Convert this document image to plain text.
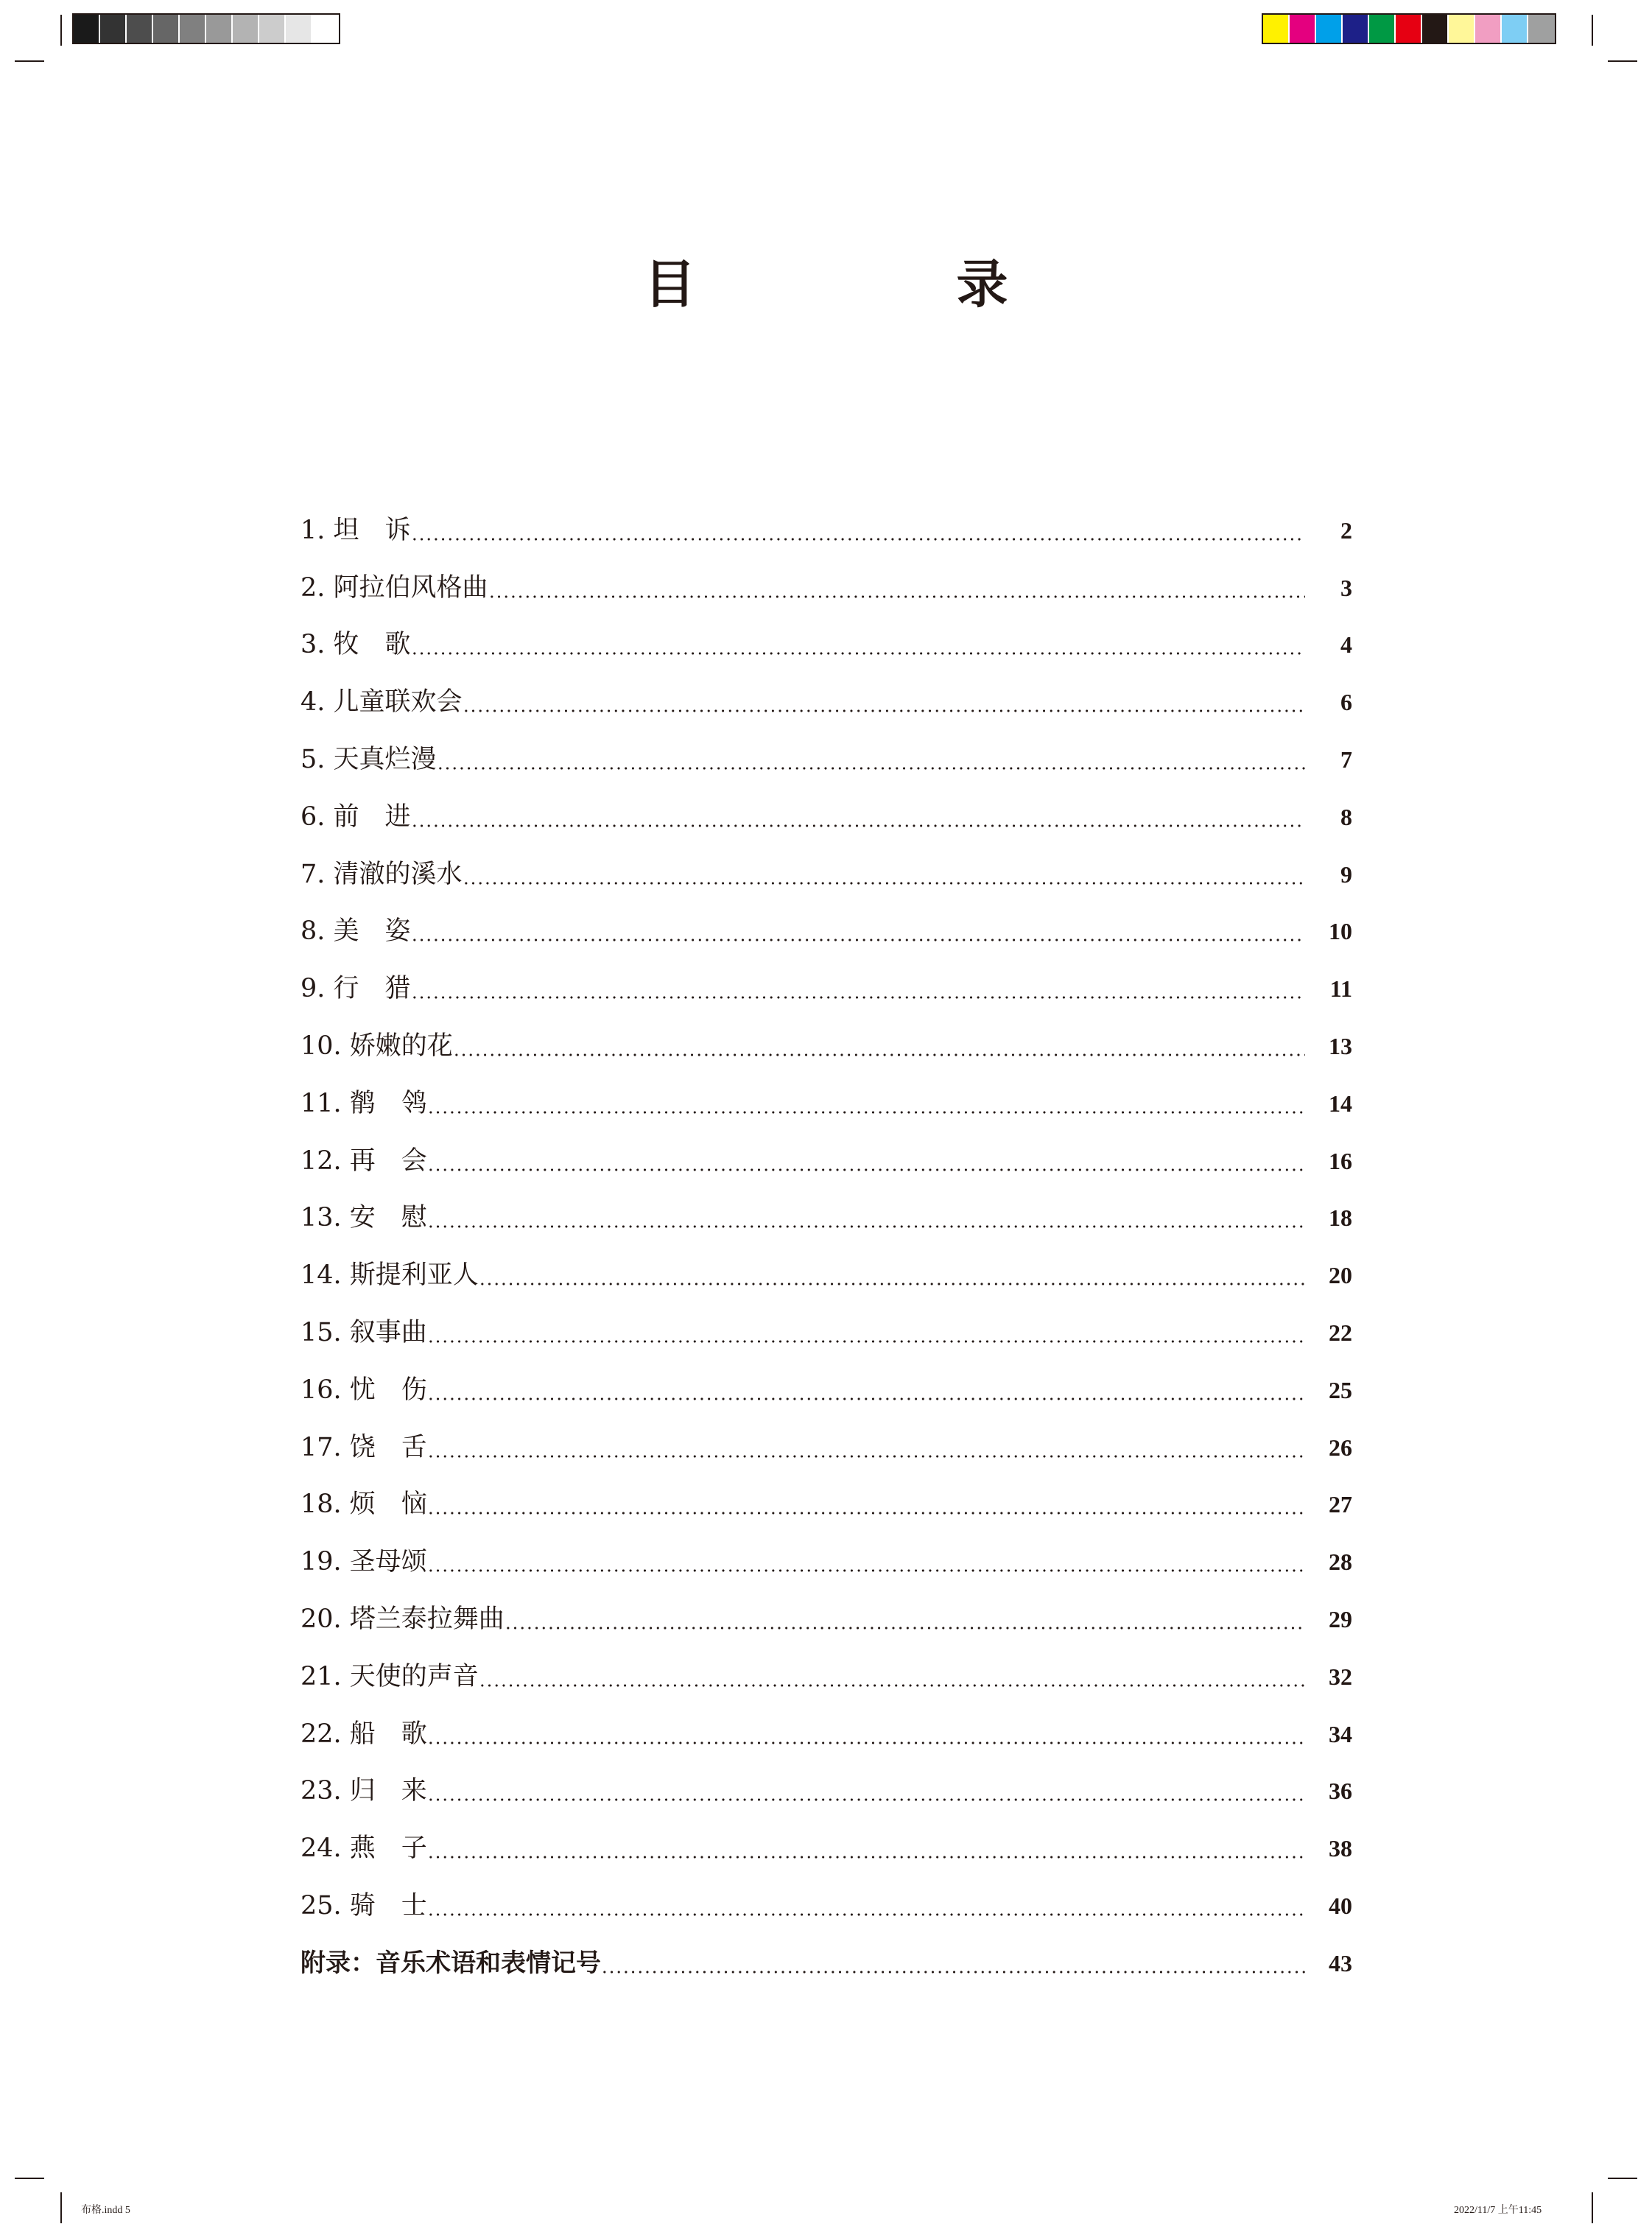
目　录
1. 坦　诉	2
2. 阿拉伯风格曲	3
3. 牧　歌	4
4. 儿童联欢会	6
5. 天真烂漫	7
6. 前　进	8
7. 清澈的溪水	9
8. 美　姿	10
9. 行　猎	11
10. 娇嫩的花	13
11. 鹡　鸰	14
12. 再　会	16
13. 安　慰	18
14. 斯提利亚人	20
15. 叙事曲	22
16. 忧　伤	25
17. 饶　舌	26
18. 烦　恼	27
19. 圣母颂	28
20. 塔兰泰拉舞曲	29
21. 天使的声音	32
22. 船　歌	34
23. 归　来	36
24. 燕　子	38
25. 骑　士	40
附录：音乐术语和表情记号	43
布格.indd 5	2022/11/7 上午11:45
